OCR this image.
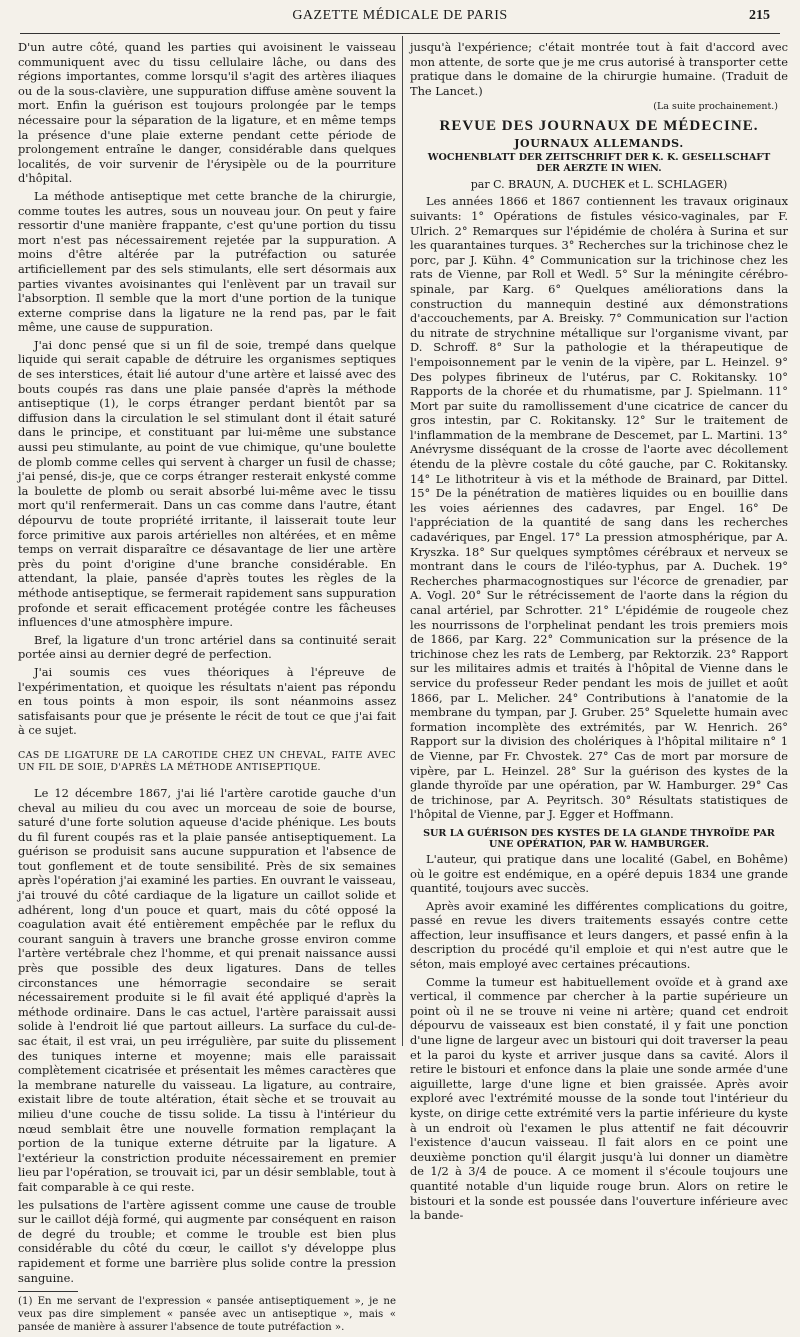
GAZETTE MÉDICALE DE PARIS	215

D'un autre côté, quand les parties qui avoisinent le vaisseau communiquent avec du tissu cellulaire lâche, ou dans des régions importantes, comme lorsqu'il s'agit des artères iliaques ou de la sous-clavière, une suppuration diffuse amène souvent la mort. Enfin la guérison est toujours prolongée par le temps nécessaire pour la séparation de la ligature, et en même temps la présence d'une plaie externe pendant cette période de prolongement entraîne le danger, considérable dans quelques localités, de voir survenir de l'érysipèle ou de la pourriture d'hôpital.

La méthode antiseptique met cette branche de la chirurgie, comme toutes les autres, sous un nouveau jour. On peut y faire ressortir d'une manière frappante, c'est qu'une portion du tissu mort n'est pas nécessairement rejetée par la suppuration. A moins d'être altérée par la putréfaction ou saturée artificiellement par des sels stimulants, elle sert désormais aux parties vivantes avoisinantes qui l'enlèvent par un travail sur l'absorption. Il semble que la mort d'une portion de la tunique externe comprise dans la ligature ne la rend pas, par le fait même, une cause de suppuration.

J'ai donc pensé que si un fil de soie, trempé dans quelque liquide qui serait capable de détruire les organismes septiques de ses interstices, était lié autour d'une artère et laissé avec des bouts coupés ras dans une plaie pansée d'après la méthode antiseptique (1), le corps étranger perdant bientôt par sa diffusion dans la circulation le sel stimulant dont il était saturé dans le principe, et constituant par lui-même une substance aussi peu stimulante, au point de vue chimique, qu'une boulette de plomb comme celles qui servent à charger un fusil de chasse; j'ai pensé, dis-je, que ce corps étranger resterait enkysté comme la boulette de plomb ou serait absorbé lui-même avec le tissu mort qu'il renfermerait. Dans un cas comme dans l'autre, étant dépourvu de toute propriété irritante, il laisserait toute leur force primitive aux parois artérielles non altérées, et en même temps on verrait disparaître ce désavantage de lier une artère près du point d'origine d'une branche considérable. En attendant, la plaie, pansée d'après toutes les règles de la méthode antiseptique, se fermerait rapidement sans suppuration profonde et serait efficacement protégée contre les fâcheuses influences d'une atmosphère impure.

Bref, la ligature d'un tronc artériel dans sa continuité serait portée ainsi au dernier degré de perfection.

J'ai soumis ces vues théoriques à l'épreuve de l'expérimentation, et quoique les résultats n'aient pas répondu en tous points à mon espoir, ils sont néanmoins assez satisfaisants pour que je présente le récit de tout ce que j'ai fait à ce sujet.

CAS DE LIGATURE DE LA CAROTIDE CHEZ UN CHEVAL, FAITE AVEC UN FIL DE SOIE, D'APRÈS LA MÉTHODE ANTISEPTIQUE.

Le 12 décembre 1867, j'ai lié l'artère carotide gauche d'un cheval au milieu du cou avec un morceau de soie de bourse, saturé d'une forte solution aqueuse d'acide phénique. Les bouts du fil furent coupés ras et la plaie pansée antiseptiquement. La guérison se produisit sans aucune suppuration et l'absence de tout gonflement et de toute sensibilité. Près de six semaines après l'opération j'ai examiné les parties. En ouvrant le vaisseau, j'ai trouvé du côté cardiaque de la ligature un caillot solide et adhérent, long d'un pouce et quart, mais du côté opposé la coagulation avait été entièrement empêchée par le reflux du courant sanguin à travers une branche grosse environ comme l'artère vertébrale chez l'homme, et qui prenait naissance aussi près que possible des deux ligatures. Dans de telles circonstances une hémorragie secondaire se serait nécessairement produite si le fil avait été appliqué d'après la méthode ordinaire. Dans le cas actuel, l'artère paraissait aussi solide à l'endroit lié que partout ailleurs. La surface du cul-de-sac était, il est vrai, un peu irrégulière, par suite du plissement des tuniques interne et moyenne; mais elle paraissait complètement cicatrisée et présentait les mêmes caractères que la membrane naturelle du vaisseau. La ligature, au contraire, existait libre de toute altération, était sèche et se trouvait au milieu d'une couche de tissu solide. La tissu à l'intérieur du nœud semblait être une nouvelle formation remplaçant la portion de la tunique externe détruite par la ligature. A l'extérieur la constriction produite nécessairement en premier lieu par l'opération, se trouvait ici, par un désir semblable, tout à fait comparable à ce qui reste.

les pulsations de l'artère agissent comme une cause de trouble sur le caillot déjà formé, qui augmente par conséquent en raison de degré du trouble; et comme le trouble est bien plus considérable du côté du cœur, le caillot s'y développe plus rapidement et forme une barrière plus solide contre la pression sanguine.

(1) En me servant de l'expression « pansée antiseptiquement », je ne veux pas dire simplement « pansée avec un antiseptique », mais « pansée de manière à assurer l'absence de toute putréfaction ».

jusqu'à l'expérience; c'était montrée tout à fait d'accord avec mon attente, de sorte que je me crus autorisé à transporter cette pratique dans le domaine de la chirurgie humaine. (Traduit de The Lancet.)

(La suite prochainement.)
REVUE DES JOURNAUX DE MÉDECINE.
JOURNAUX ALLEMANDS.
WOCHENBLATT DER ZEITSCHRIFT DER K. K. GESELLSCHAFT
DER AERZTE IN WIEN.
par C. BRAUN, A. DUCHEK et L. SCHLAGER)

Les années 1866 et 1867 contiennent les travaux originaux suivants: 1° Opérations de fistules vésico-vaginales, par F. Ulrich. 2° Remarques sur l'épidémie de choléra à Surina et sur les quarantaines turques. 3° Recherches sur la trichinose chez le porc, par J. Kühn. 4° Communication sur la trichinose chez les rats de Vienne, par Roll et Wedl. 5° Sur la méningite cérébro-spinale, par Karg. 6° Quelques améliorations dans la construction du mannequin destiné aux démonstrations d'accouchements, par A. Breisky. 7° Communication sur l'action du nitrate de strychnine métallique sur l'organisme vivant, par D. Schroff. 8° Sur la pathologie et la thérapeutique de l'empoisonnement par le venin de la vipère, par L. Heinzel. 9° Des polypes fibrineux de l'utérus, par C. Rokitansky. 10° Rapports de la chorée et du rhumatisme, par J. Spielmann. 11° Mort par suite du ramollissement d'une cicatrice de cancer du gros intestin, par C. Rokitansky. 12° Sur le traitement de l'inflammation de la membrane de Descemet, par L. Martini. 13° Anévrysme disséquant de la crosse de l'aorte avec décollement étendu de la plèvre costale du côté gauche, par C. Rokitansky. 14° Le lithotriteur à vis et la méthode de Brainard, par Dittel. 15° De la pénétration de matières liquides ou en bouillie dans les voies aériennes des cadavres, par Engel. 16° De l'appréciation de la quantité de sang dans les recherches cadavériques, par Engel. 17° La pression atmosphérique, par A. Kryszka. 18° Sur quelques symptômes cérébraux et nerveux se montrant dans le cours de l'iléo-typhus, par A. Duchek. 19° Recherches pharmacognostiques sur l'écorce de grenadier, par A. Vogl. 20° Sur le rétrécissement de l'aorte dans la région du canal artériel, par Schrotter. 21° L'épidémie de rougeole chez les nourrissons de l'orphelinat pendant les trois premiers mois de 1866, par Karg. 22° Communication sur la présence de la trichinose chez les rats de Lemberg, par Rektorzik. 23° Rapport sur les militaires admis et traités à l'hôpital de Vienne dans le service du professeur Reder pendant les mois de juillet et août 1866, par L. Melicher. 24° Contributions à l'anatomie de la membrane du tympan, par J. Gruber. 25° Squelette humain avec formation incomplète des extrémités, par W. Henrich. 26° Rapport sur la division des cholériques à l'hôpital militaire n° 1 de Vienne, par Fr. Chvostek. 27° Cas de mort par morsure de vipère, par L. Heinzel. 28° Sur la guérison des kystes de la glande thyroïde par une opération, par W. Hamburger. 29° Cas de trichinose, par A. Peyritsch. 30° Résultats statistiques de l'hôpital de Vienne, par J. Egger et Hoffmann.

SUR LA GUÉRISON DES KYSTES DE LA GLANDE THYROÏDE PAR UNE OPÉRATION, PAR W. HAMBURGER.

L'auteur, qui pratique dans une localité (Gabel, en Bohême) où le goitre est endémique, en a opéré depuis 1834 une grande quantité, toujours avec succès.

Après avoir examiné les différentes complications du goitre, passé en revue les divers traitements essayés contre cette affection, leur insuffisance et leurs dangers, et passé enfin à la description du procédé qu'il emploie et qui n'est autre que le séton, mais employé avec certaines précautions.

Comme la tumeur est habituellement ovoïde et à grand axe vertical, il commence par chercher à la partie supérieure un point où il ne se trouve ni veine ni artère; quand cet endroit dépourvu de vaisseaux est bien constaté, il y fait une ponction d'une ligne de largeur avec un bistouri qui doit traverser la peau et la paroi du kyste et arriver jusque dans sa cavité. Alors il retire le bistouri et enfonce dans la plaie une sonde armée d'une aiguillette, large d'une ligne et bien graissée. Après avoir exploré avec l'extrémité mousse de la sonde tout l'intérieur du kyste, on dirige cette extrémité vers la partie inférieure du kyste à un endroit où l'examen le plus attentif ne fait découvrir l'existence d'aucun vaisseau. Il fait alors en ce point une deuxième ponction qu'il élargit jusqu'à lui donner un diamètre de 1/2 à 3/4 de pouce. A ce moment il s'écoule toujours une quantité notable d'un liquide rouge brun. Alors on retire le bistouri et la sonde est poussée dans l'ouverture inférieure avec la bande-
